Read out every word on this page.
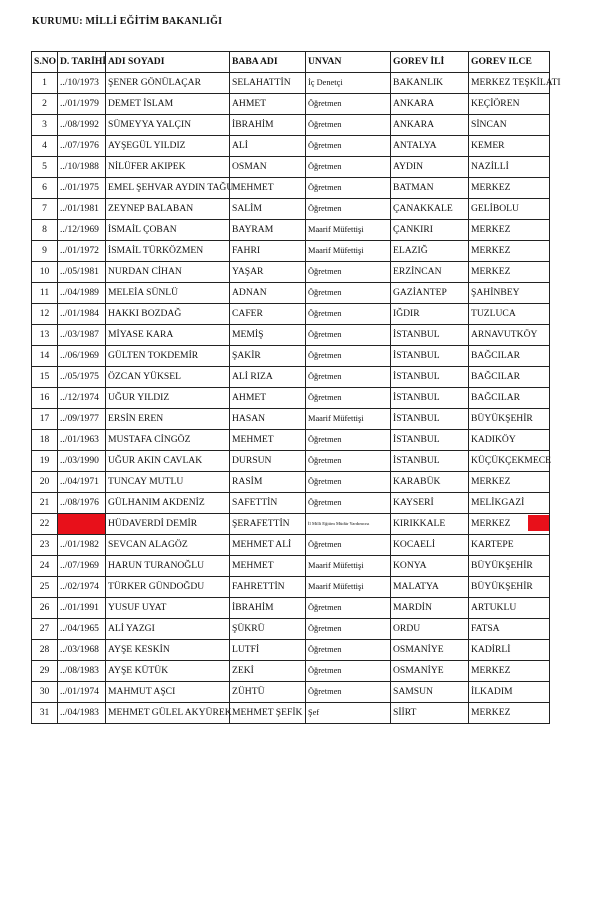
KURUMU: MİLLİ EĞİTİM BAKANLIĞI
S.NO	D. TARİHİ	ADI SOYADI	BABA ADI	UNVAN	GOREV İLİ	GOREV ILCE
1	../10/1973	ŞENER GÖNÜLAÇAR	SELAHATTİN	İç Denetçi	BAKANLIK	MERKEZ TEŞKİLATI
2	../01/1979	DEMET İSLAM	AHMET	Öğretmen	ANKARA	KEÇİÖREN
3	../08/1992	SÜMEYYA YALÇIN	İBRAHİM	Öğretmen	ANKARA	SİNCAN
4	../07/1976	AYŞEGÜL YILDIZ	ALİ	Öğretmen	ANTALYA	KEMER
5	../10/1988	NİLÜFER AKIPEK	OSMAN	Öğretmen	AYDIN	NAZİLLİ
6	../01/1975	EMEL ŞEHVAR AYDIN TAĞU	MEHMET	Öğretmen	BATMAN	MERKEZ
7	../01/1981	ZEYNEP BALABAN	SALİM	Öğretmen	ÇANAKKALE	GELİBOLU
8	../12/1969	İSMAİL ÇOBAN	BAYRAM	Maarif Müfettişi	ÇANKIRI	MERKEZ
9	../01/1972	İSMAİL TÜRKÖZMEN	FAHRI	Maarif Müfettişi	ELAZIĞ	MERKEZ
10	../05/1981	NURDAN CİHAN	YAŞAR	Öğretmen	ERZİNCAN	MERKEZ
11	../04/1989	MELEİA SÜNLÜ	ADNAN	Öğretmen	GAZİANTEP	ŞAHİNBEY
12	../01/1984	HAKKI BOZDAĞ	CAFER	Öğretmen	IĞDIR	TUZLUCA
13	../03/1987	MİYASE KARA	MEMİŞ	Öğretmen	İSTANBUL	ARNAVUTKÖY
14	../06/1969	GÜLTEN TOKDEMİR	ŞAKİR	Öğretmen	İSTANBUL	BAĞCILAR
15	../05/1975	ÖZCAN YÜKSEL	ALİ RIZA	Öğretmen	İSTANBUL	BAĞCILAR
16	../12/1974	UĞUR YILDIZ	AHMET	Öğretmen	İSTANBUL	BAĞCILAR
17	../09/1977	ERSİN EREN	HASAN	Maarif Müfettişi	İSTANBUL	BÜYÜKŞEHİR
18	../01/1963	MUSTAFA CİNGÖZ	MEHMET	Öğretmen	İSTANBUL	KADIKÖY
19	../03/1990	UĞUR AKIN CAVLAK	DURSUN	Öğretmen	İSTANBUL	KÜÇÜKÇEKMECE
20	../04/1971	TUNCAY MUTLU	RASİM	Öğretmen	KARABÜK	MERKEZ
21	../08/1976	GÜLHANIM AKDENİZ	SAFETTİN	Öğretmen	KAYSERİ	MELİKGAZİ
22		HÜDAVERDİ DEMİR	ŞERAFETTİN	İl Milli Eğitim Müdür Yardımcısı	KIRIKKALE	MERKEZ
23	../01/1982	SEVCAN ALAGÖZ	MEHMET ALİ	Öğretmen	KOCAELİ	KARTEPE
24	../07/1969	HARUN TURANOĞLU	MEHMET	Maarif Müfettişi	KONYA	BÜYÜKŞEHİR
25	../02/1974	TÜRKER GÜNDOĞDU	FAHRETTİN	Maarif Müfettişi	MALATYA	BÜYÜKŞEHİR
26	../01/1991	YUSUF UYAT	İBRAHİM	Öğretmen	MARDİN	ARTUKLU
27	../04/1965	ALİ YAZGI	ŞÜKRÜ	Öğretmen	ORDU	FATSA
28	../03/1968	AYŞE KESKİN	LUTFİ	Öğretmen	OSMANİYE	KADİRLİ
29	../08/1983	AYŞE KÜTÜK	ZEKİ	Öğretmen	OSMANİYE	MERKEZ
30	../01/1974	MAHMUT AŞCI	ZÜHTÜ	Öğretmen	SAMSUN	İLKADIM
31	../04/1983	MEHMET GÜLEL AKYÜREK	MEHMET ŞEFİK	Şef	SİİRT	MERKEZ
